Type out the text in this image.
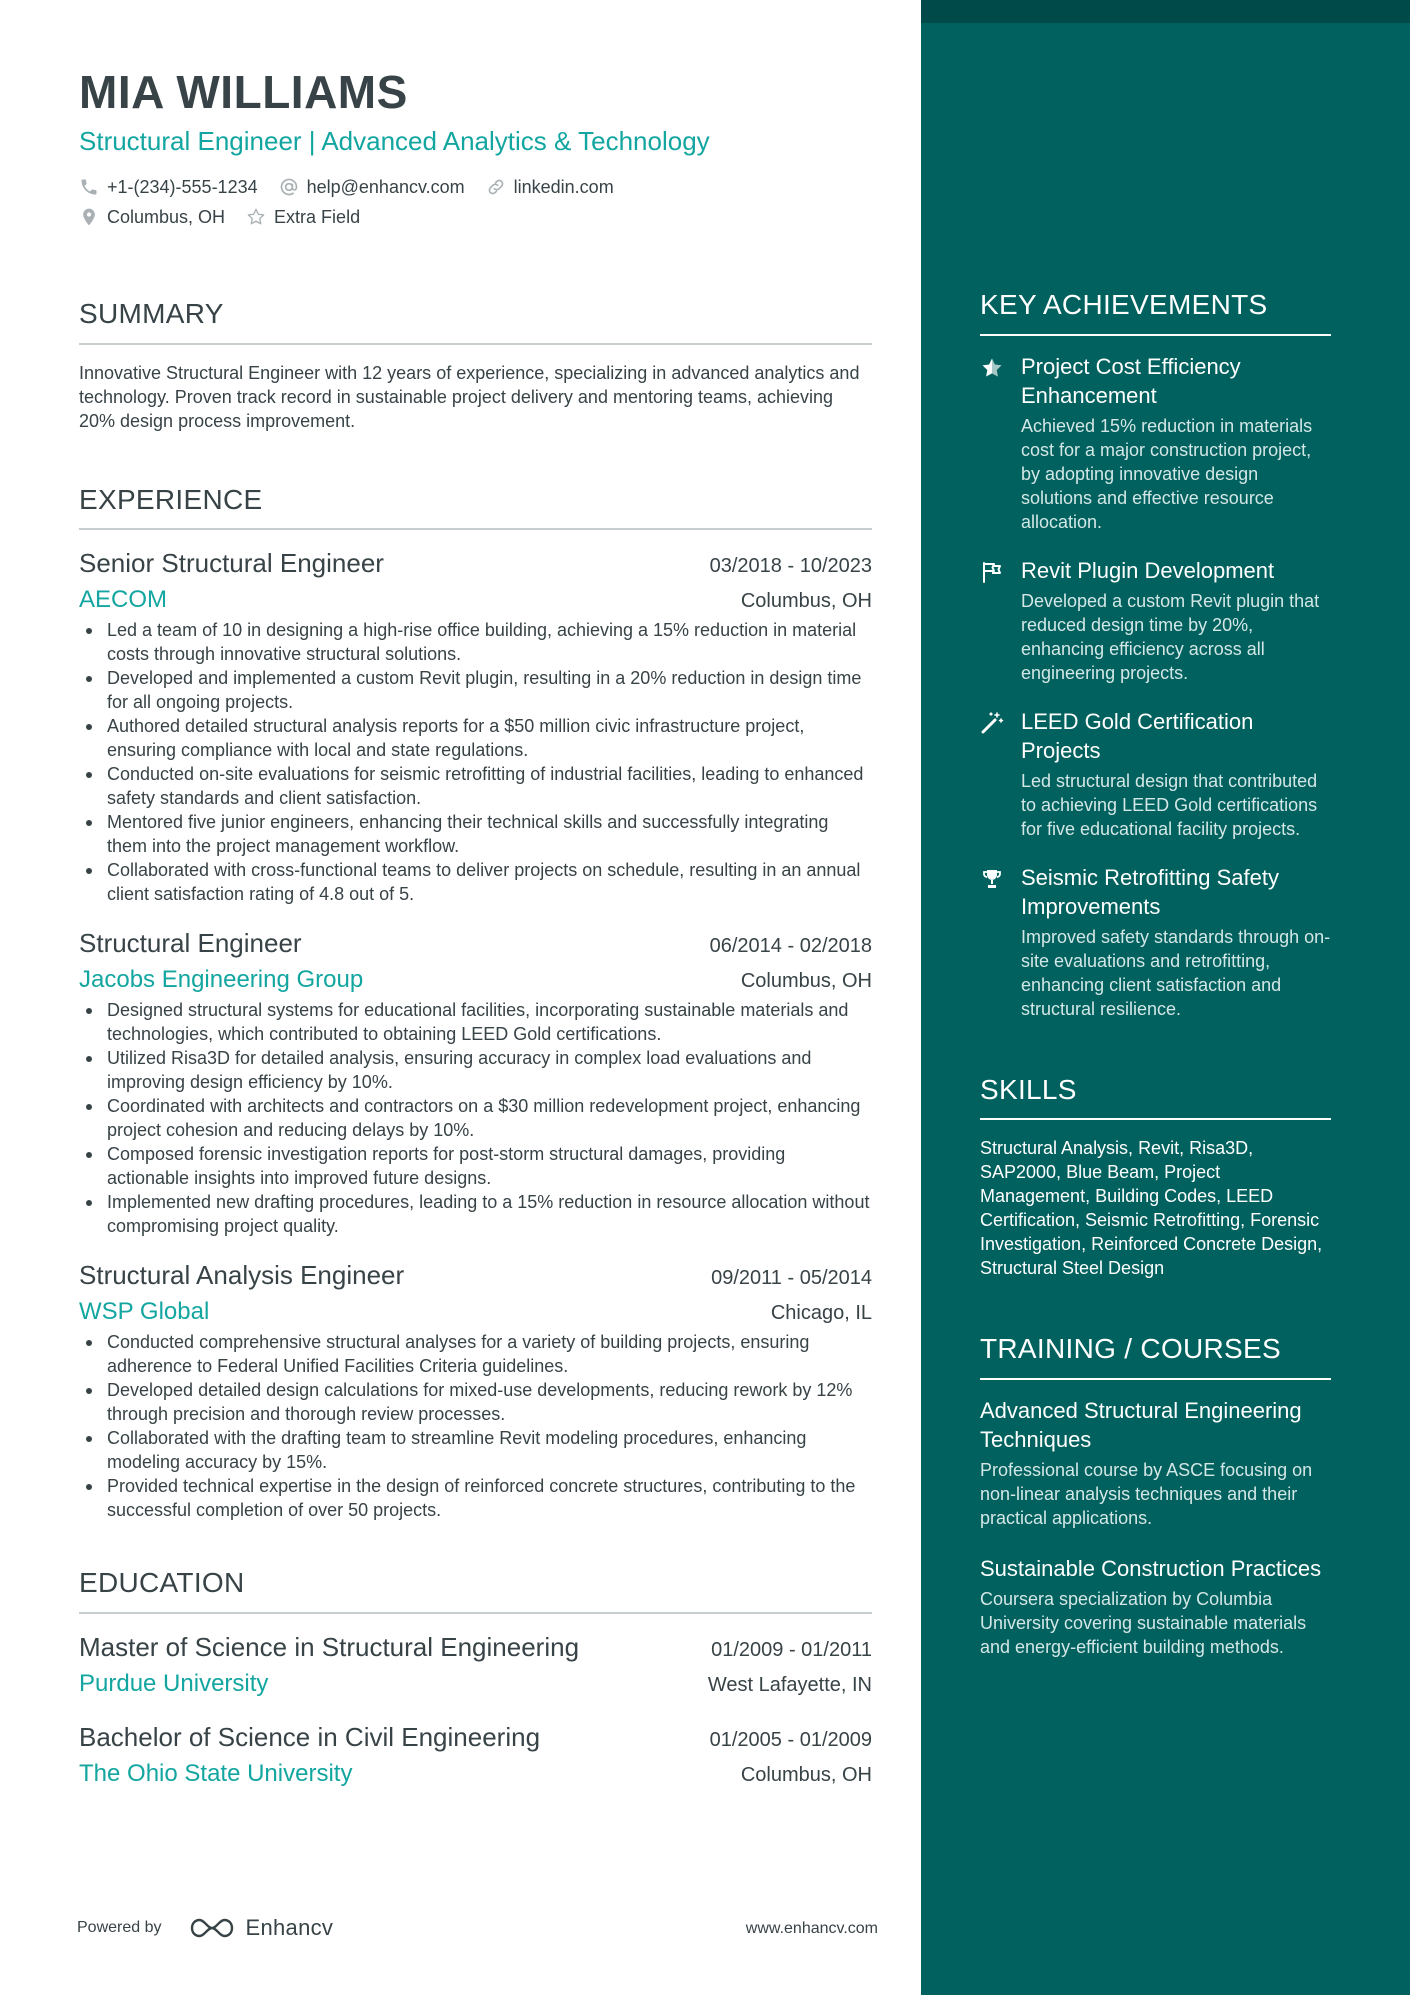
MIA WILLIAMS
Structural Engineer | Advanced Analytics & Technology
+1-(234)-555-1234	help@enhancv.com	linkedin.com
Columbus, OH	Extra Field
SUMMARY
Innovative Structural Engineer with 12 years of experience, specializing in advanced analytics and technology. Proven track record in sustainable project delivery and mentoring teams, achieving 20% design process improvement.
EXPERIENCE
Senior Structural Engineer	03/2018 - 10/2023
AECOM	Columbus, OH
Led a team of 10 in designing a high-rise office building, achieving a 15% reduction in material costs through innovative structural solutions.
Developed and implemented a custom Revit plugin, resulting in a 20% reduction in design time for all ongoing projects.
Authored detailed structural analysis reports for a $50 million civic infrastructure project, ensuring compliance with local and state regulations.
Conducted on-site evaluations for seismic retrofitting of industrial facilities, leading to enhanced safety standards and client satisfaction.
Mentored five junior engineers, enhancing their technical skills and successfully integrating them into the project management workflow.
Collaborated with cross-functional teams to deliver projects on schedule, resulting in an annual client satisfaction rating of 4.8 out of 5.
Structural Engineer	06/2014 - 02/2018
Jacobs Engineering Group	Columbus, OH
Designed structural systems for educational facilities, incorporating sustainable materials and technologies, which contributed to obtaining LEED Gold certifications.
Utilized Risa3D for detailed analysis, ensuring accuracy in complex load evaluations and improving design efficiency by 10%.
Coordinated with architects and contractors on a $30 million redevelopment project, enhancing project cohesion and reducing delays by 10%.
Composed forensic investigation reports for post-storm structural damages, providing actionable insights into improved future designs.
Implemented new drafting procedures, leading to a 15% reduction in resource allocation without compromising project quality.
Structural Analysis Engineer	09/2011 - 05/2014
WSP Global	Chicago, IL
Conducted comprehensive structural analyses for a variety of building projects, ensuring adherence to Federal Unified Facilities Criteria guidelines.
Developed detailed design calculations for mixed-use developments, reducing rework by 12% through precision and thorough review processes.
Collaborated with the drafting team to streamline Revit modeling procedures, enhancing modeling accuracy by 15%.
Provided technical expertise in the design of reinforced concrete structures, contributing to the successful completion of over 50 projects.
EDUCATION
Master of Science in Structural Engineering	01/2009 - 01/2011
Purdue University	West Lafayette, IN
Bachelor of Science in Civil Engineering	01/2005 - 01/2009
The Ohio State University	Columbus, OH
Powered by	Enhancv	www.enhancv.com
KEY ACHIEVEMENTS
Project Cost Efficiency Enhancement
Achieved 15% reduction in materials cost for a major construction project, by adopting innovative design solutions and effective resource allocation.
Revit Plugin Development
Developed a custom Revit plugin that reduced design time by 20%, enhancing efficiency across all engineering projects.
LEED Gold Certification Projects
Led structural design that contributed to achieving LEED Gold certifications for five educational facility projects.
Seismic Retrofitting Safety Improvements
Improved safety standards through on-site evaluations and retrofitting, enhancing client satisfaction and structural resilience.
SKILLS
Structural Analysis, Revit, Risa3D, SAP2000, Blue Beam, Project Management, Building Codes, LEED Certification, Seismic Retrofitting, Forensic Investigation, Reinforced Concrete Design, Structural Steel Design
TRAINING / COURSES
Advanced Structural Engineering Techniques
Professional course by ASCE focusing on non-linear analysis techniques and their practical applications.
Sustainable Construction Practices
Coursera specialization by Columbia University covering sustainable materials and energy-efficient building methods.
